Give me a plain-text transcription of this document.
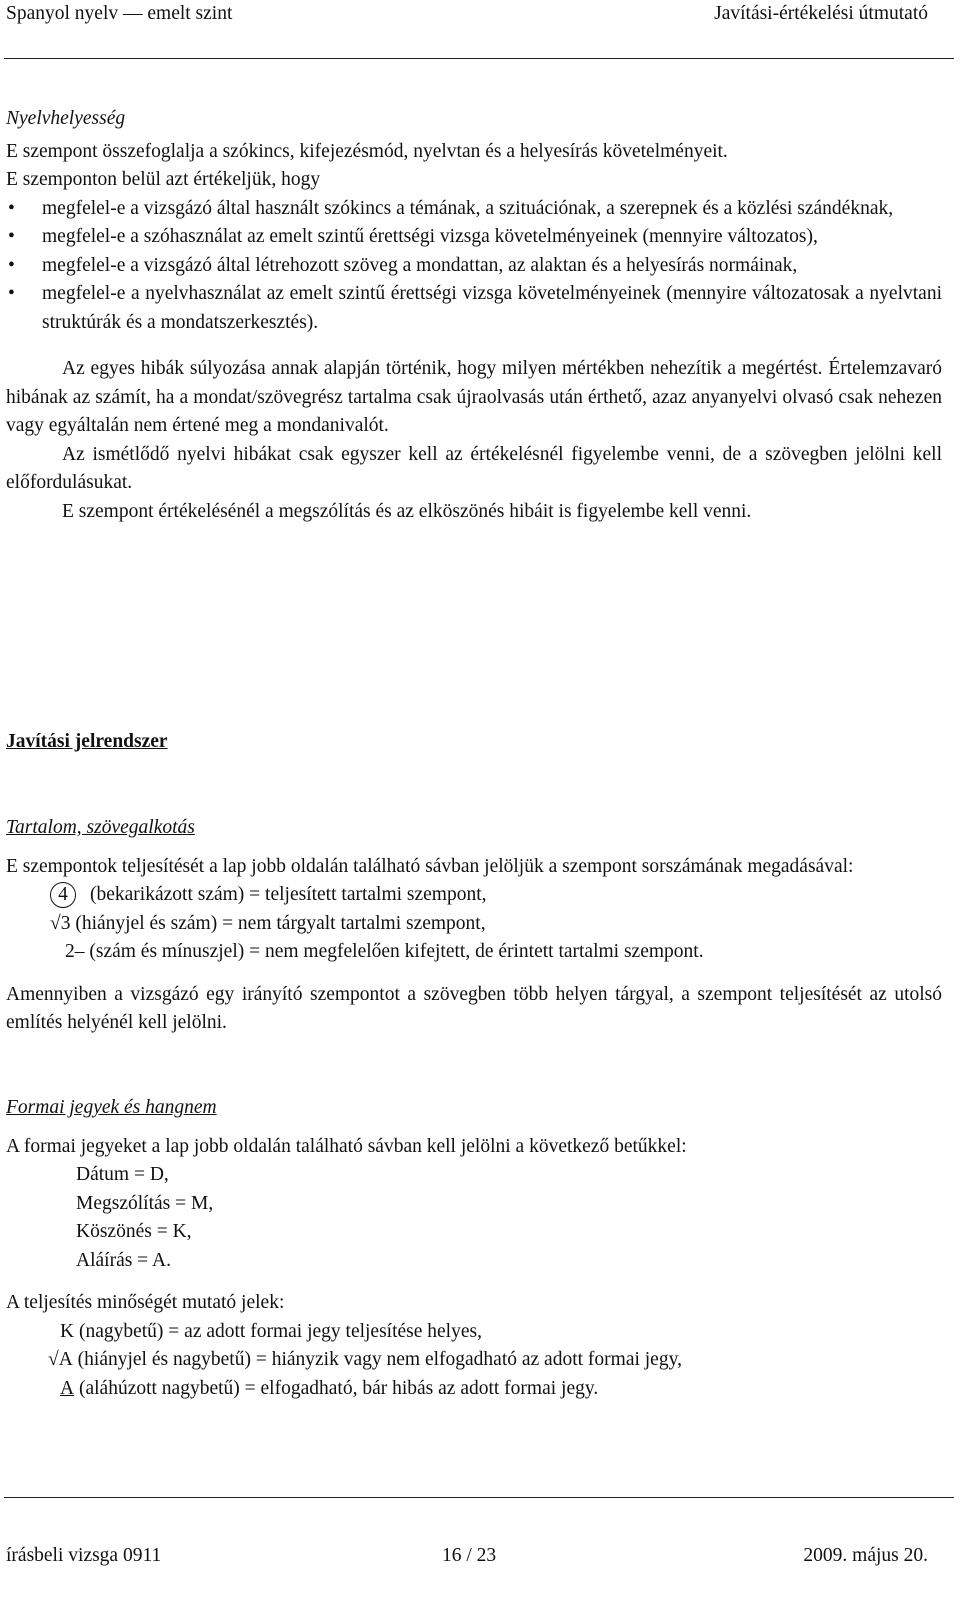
Spanyol nyelv — emelt szint	Javítási-értékelési útmutató

Nyelvhelyesség

E szempont összefoglalja a szókincs, kifejezésmód, nyelvtan és a helyesírás követelményeit.

E szemponton belül azt értékeljük, hogy

• megfelel-e a vizsgázó által használt szókincs a témának, a szituációnak, a szerepnek és a közlési szándéknak,
• megfelel-e a szóhasználat az emelt szintű érettségi vizsga követelményeinek (mennyire változatos),
• megfelel-e a vizsgázó által létrehozott szöveg a mondattan, az alaktan és a helyesírás normáinak,
• megfelel-e a nyelvhasználat az emelt szintű érettségi vizsga követelményeinek (mennyire változatosak a nyelvtani struktúrák és a mondatszerkesztés).

Az egyes hibák súlyozása annak alapján történik, hogy milyen mértékben nehezítik a megértést. Értelemzavaró hibának az számít, ha a mondat/szövegrész tartalma csak újraolvasás után érthető, azaz anyanyelvi olvasó csak nehezen vagy egyáltalán nem értené meg a mondanivalót.

Az ismétlődő nyelvi hibákat csak egyszer kell az értékelésnél figyelembe venni, de a szövegben jelölni kell előfordulásukat.

E szempont értékelésénél a megszólítás és az elköszönés hibáit is figyelembe kell venni.

Javítási jelrendszer

Tartalom, szövegalkotás

E szempontok teljesítését a lap jobb oldalán található sávban jelöljük a szempont sorszámának megadásával:

4 (bekarikázott szám) = teljesített tartalmi szempont,
√3 (hiányjel és szám) = nem tárgyalt tartalmi szempont,
2– (szám és mínuszjel) = nem megfelelően kifejtett, de érintett tartalmi szempont.

Amennyiben a vizsgázó egy irányító szempontot a szövegben több helyen tárgyal, a szempont teljesítését az utolsó említés helyénél kell jelölni.

Formai jegyek és hangnem

A formai jegyeket a lap jobb oldalán található sávban kell jelölni a következő betűkkel:

Dátum = D,
Megszólítás = M,
Köszönés = K,
Aláírás = A.

A teljesítés minőségét mutató jelek:

K (nagybetű) = az adott formai jegy teljesítése helyes,
√A (hiányjel és nagybetű) = hiányzik vagy nem elfogadható az adott formai jegy,
A (aláhúzott nagybetű) = elfogadható, bár hibás az adott formai jegy.
írásbeli vizsga 0911	16 / 23	2009. május 20.
